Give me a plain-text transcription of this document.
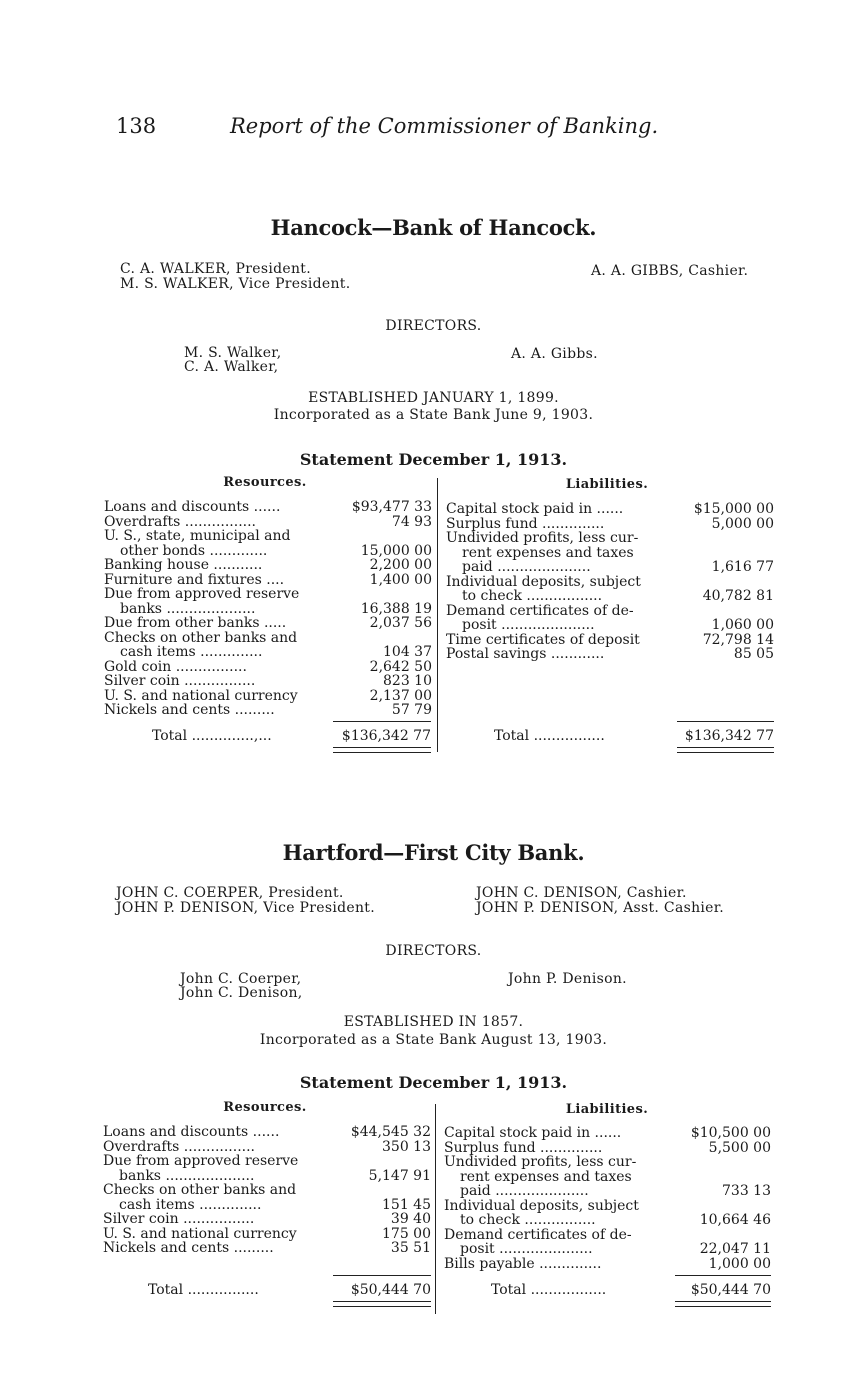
138	Report of the Commissioner of Banking.
Hancock—Bank of Hancock.
C. A. WALKER, President.
M. S. WALKER, Vice President.
A. A. GIBBS, Cashier.
DIRECTORS.
M. S. Walker,
C. A. Walker,
A. A. Gibbs.
ESTABLISHED JANUARY 1, 1899.
Incorporated as a State Bank June 9, 1903.
Statement December 1, 1913.
Resources.	Liabilities.
Loans and discounts ......	$93,477 33
Overdrafts ................	74 93
U. S., state, municipal and
other bonds .............	15,000 00
Banking house ...........	2,200 00
Furniture and fixtures ....	1,400 00
Due from approved reserve
banks ....................	16,388 19
Due from other banks .....	2,037 56
Checks on other banks and
cash items ..............	104 37
Gold coin ................	2,642 50
Silver coin ................	823 10
U. S. and national currency	2,137 00
Nickels and cents .........	57 79
Capital stock paid in ......	$15,000 00
Surplus fund ..............	5,000 00
Undivided profits, less cur-
rent expenses and taxes
paid .....................	1,616 77
Individual deposits, subject
to check .................	40,782 81
Demand certificates of de-
posit .....................	1,060 00
Time certificates of deposit	72,798 14
Postal savings ............	85 05
Total ..............,...	$136,342 77	Total ................	$136,342 77
Hartford—First City Bank.
JOHN C. COERPER, President.
JOHN P. DENISON, Vice President.
JOHN C. DENISON, Cashier.
JOHN P. DENISON, Asst. Cashier.
DIRECTORS.
John C. Coerper,
John C. Denison,
John P. Denison.
ESTABLISHED IN 1857.
Incorporated as a State Bank August 13, 1903.
Statement December 1, 1913.
Resources.	Liabilities.
Loans and discounts ......	$44,545 32
Overdrafts ................	350 13
Due from approved reserve
banks ....................	5,147 91
Checks on other banks and
cash items ..............	151 45
Silver coin ................	39 40
U. S. and national currency	175 00
Nickels and cents .........	35 51
Capital stock paid in ......	$10,500 00
Surplus fund ..............	5,500 00
Undivided profits, less cur-
rent expenses and taxes
paid .....................	733 13
Individual deposits, subject
to check ................	10,664 46
Demand certificates of de-
posit .....................	22,047 11
Bills payable ..............	1,000 00
Total ................	$50,444 70	Total .................	$50,444 70
